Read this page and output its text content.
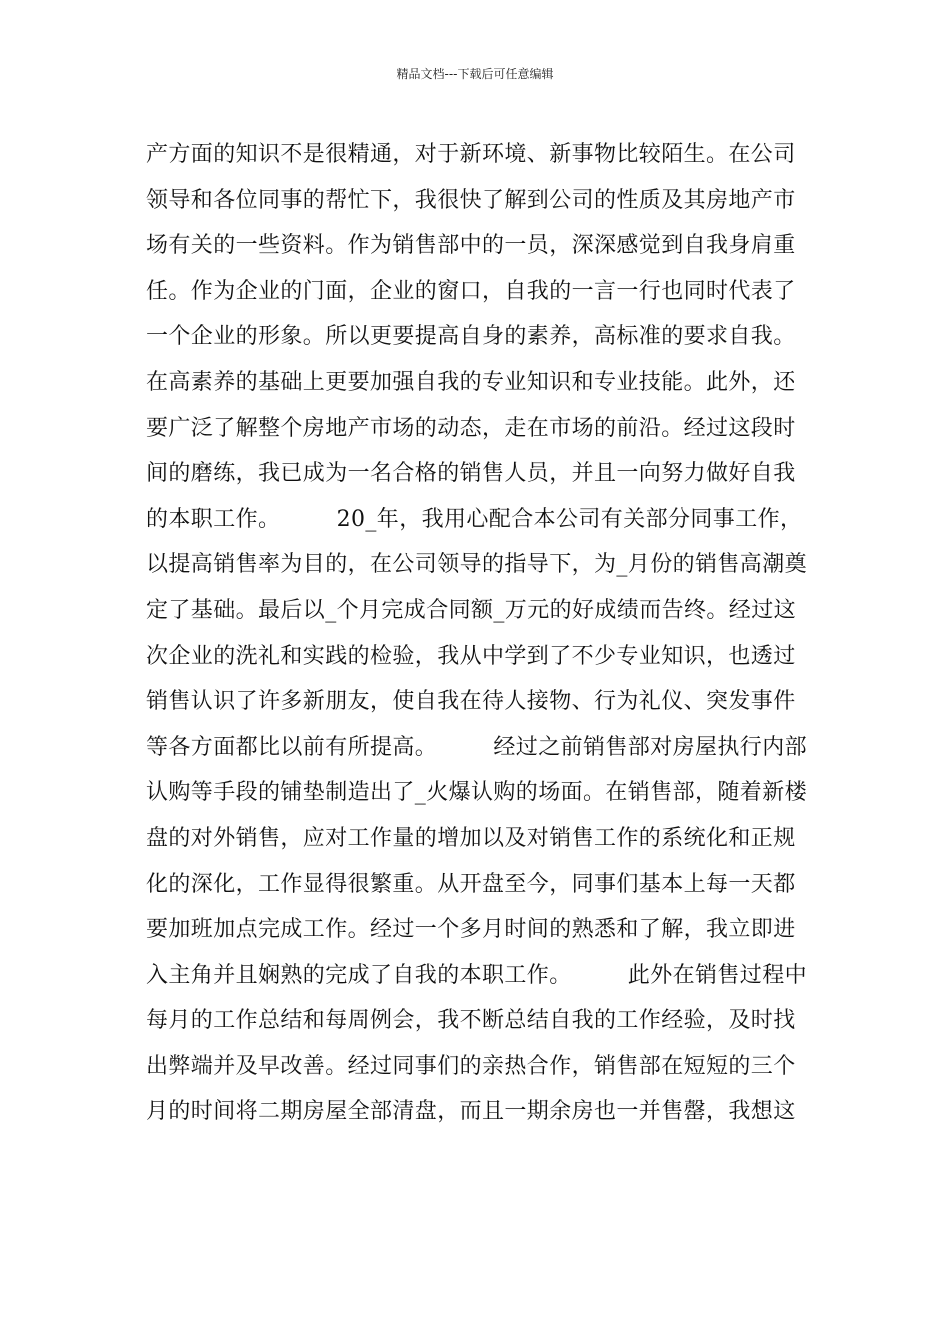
精品文档---下载后可任意编辑
产方面的知识不是很精通，对于新环境、新事物比较陌生。在公司
领导和各位同事的帮忙下，我很快了解到公司的性质及其房地产市
场有关的一些资料。作为销售部中的一员，深深感觉到自我身肩重
任。作为企业的门面，企业的窗口，自我的一言一行也同时代表了
一个企业的形象。所以更要提高自身的素养，高标准的要求自我。
在高素养的基础上更要加强自我的专业知识和专业技能。此外，还
要广泛了解整个房地产市场的动态，走在市场的前沿。经过这段时
间的磨练，我已成为一名合格的销售人员，并且一向努力做好自我
的本职工作。　　　20_年，我用心配合本公司有关部分同事工作，
以提高销售率为目的，在公司领导的指导下，为_月份的销售高潮奠
定了基础。最后以_个月完成合同额_万元的好成绩而告终。经过这
次企业的洗礼和实践的检验，我从中学到了不少专业知识，也透过
销售认识了许多新朋友，使自我在待人接物、行为礼仪、突发事件
等各方面都比以前有所提高。　　　经过之前销售部对房屋执行内部
认购等手段的铺垫制造出了_火爆认购的场面。在销售部，随着新楼
盘的对外销售，应对工作量的增加以及对销售工作的系统化和正规
化的深化，工作显得很繁重。从开盘至今，同事们基本上每一天都
要加班加点完成工作。经过一个多月时间的熟悉和了解，我立即进
入主角并且娴熟的完成了自我的本职工作。　　　此外在销售过程中
每月的工作总结和每周例会，我不断总结自我的工作经验，及时找
出弊端并及早改善。经过同事们的亲热合作，销售部在短短的三个
月的时间将二期房屋全部清盘，而且一期余房也一并售罄，我想这
